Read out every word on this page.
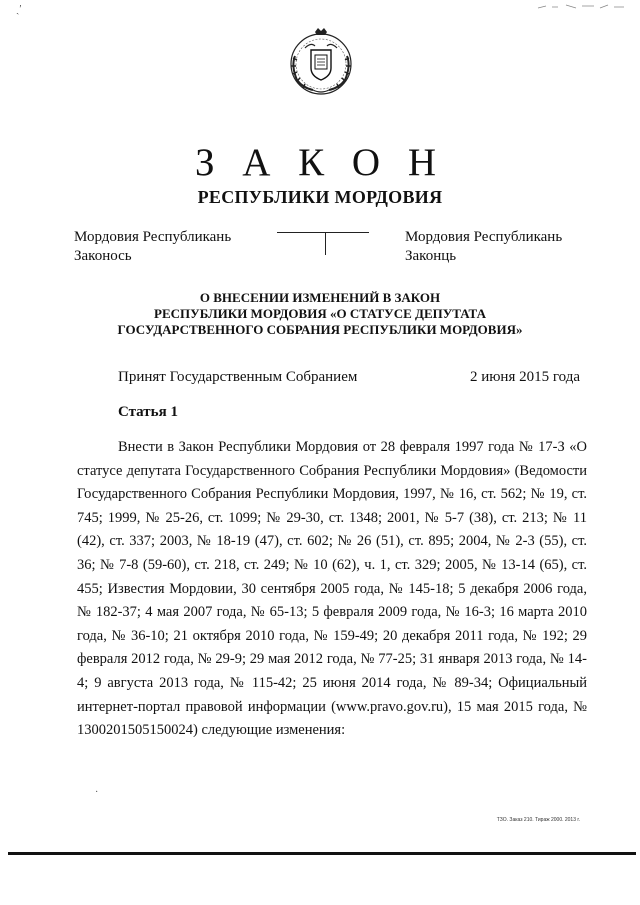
ˏ′
З А К О Н
РЕСПУБЛИКИ МОРДОВИЯ
Мордовия Республикань
Законось
Мордовия Республикань
Законць
О ВНЕСЕНИИ ИЗМЕНЕНИЙ В ЗАКОН
РЕСПУБЛИКИ МОРДОВИЯ «О СТАТУСЕ ДЕПУТАТА
ГОСУДАРСТВЕННОГО СОБРАНИЯ РЕСПУБЛИКИ МОРДОВИЯ»
Принят Государственным Собранием	2 июня 2015 года
Статья 1

Внести в Закон Республики Мордовия от 28 февраля 1997 года № 17-З «О статусе депутата Государственного Собрания Республики Мордовия» (Ведомости Государственного Собрания Республики Мордовия, 1997, № 16, ст. 562; № 19, ст. 745; 1999, № 25-26, ст. 1099; № 29-30, ст. 1348; 2001, № 5-7 (38), ст. 213; № 11 (42), ст. 337; 2003, № 18-19 (47), ст. 602; № 26 (51), ст. 895; 2004, № 2-3 (55), ст. 36; № 7-8 (59-60), ст. 218, ст. 249; № 10 (62), ч. 1, ст. 329; 2005, № 13-14 (65), ст. 455; Известия Мордовии, 30 сентября 2005 года, № 145-18; 5 декабря 2006 года, № 182-37; 4 мая 2007 года, № 65-13; 5 февраля 2009 года, № 16-3; 16 марта 2010 года, № 36-10; 21 октября 2010 года, № 159-49; 20 декабря 2011 года, № 192; 29 февраля 2012 года, № 29-9; 29 мая 2012 года, № 77-25; 31 января 2013 года, № 14-4; 9 августа 2013 года, № 115-42; 25 июня 2014 года, № 89-34; Официальный интернет-портал правовой информации (www.pravo.gov.ru), 15 мая 2015 года, № 1300201505150024) следующие изменения:

·
ТЗО. Заказ 210. Тираж 2000. 2013 г.
